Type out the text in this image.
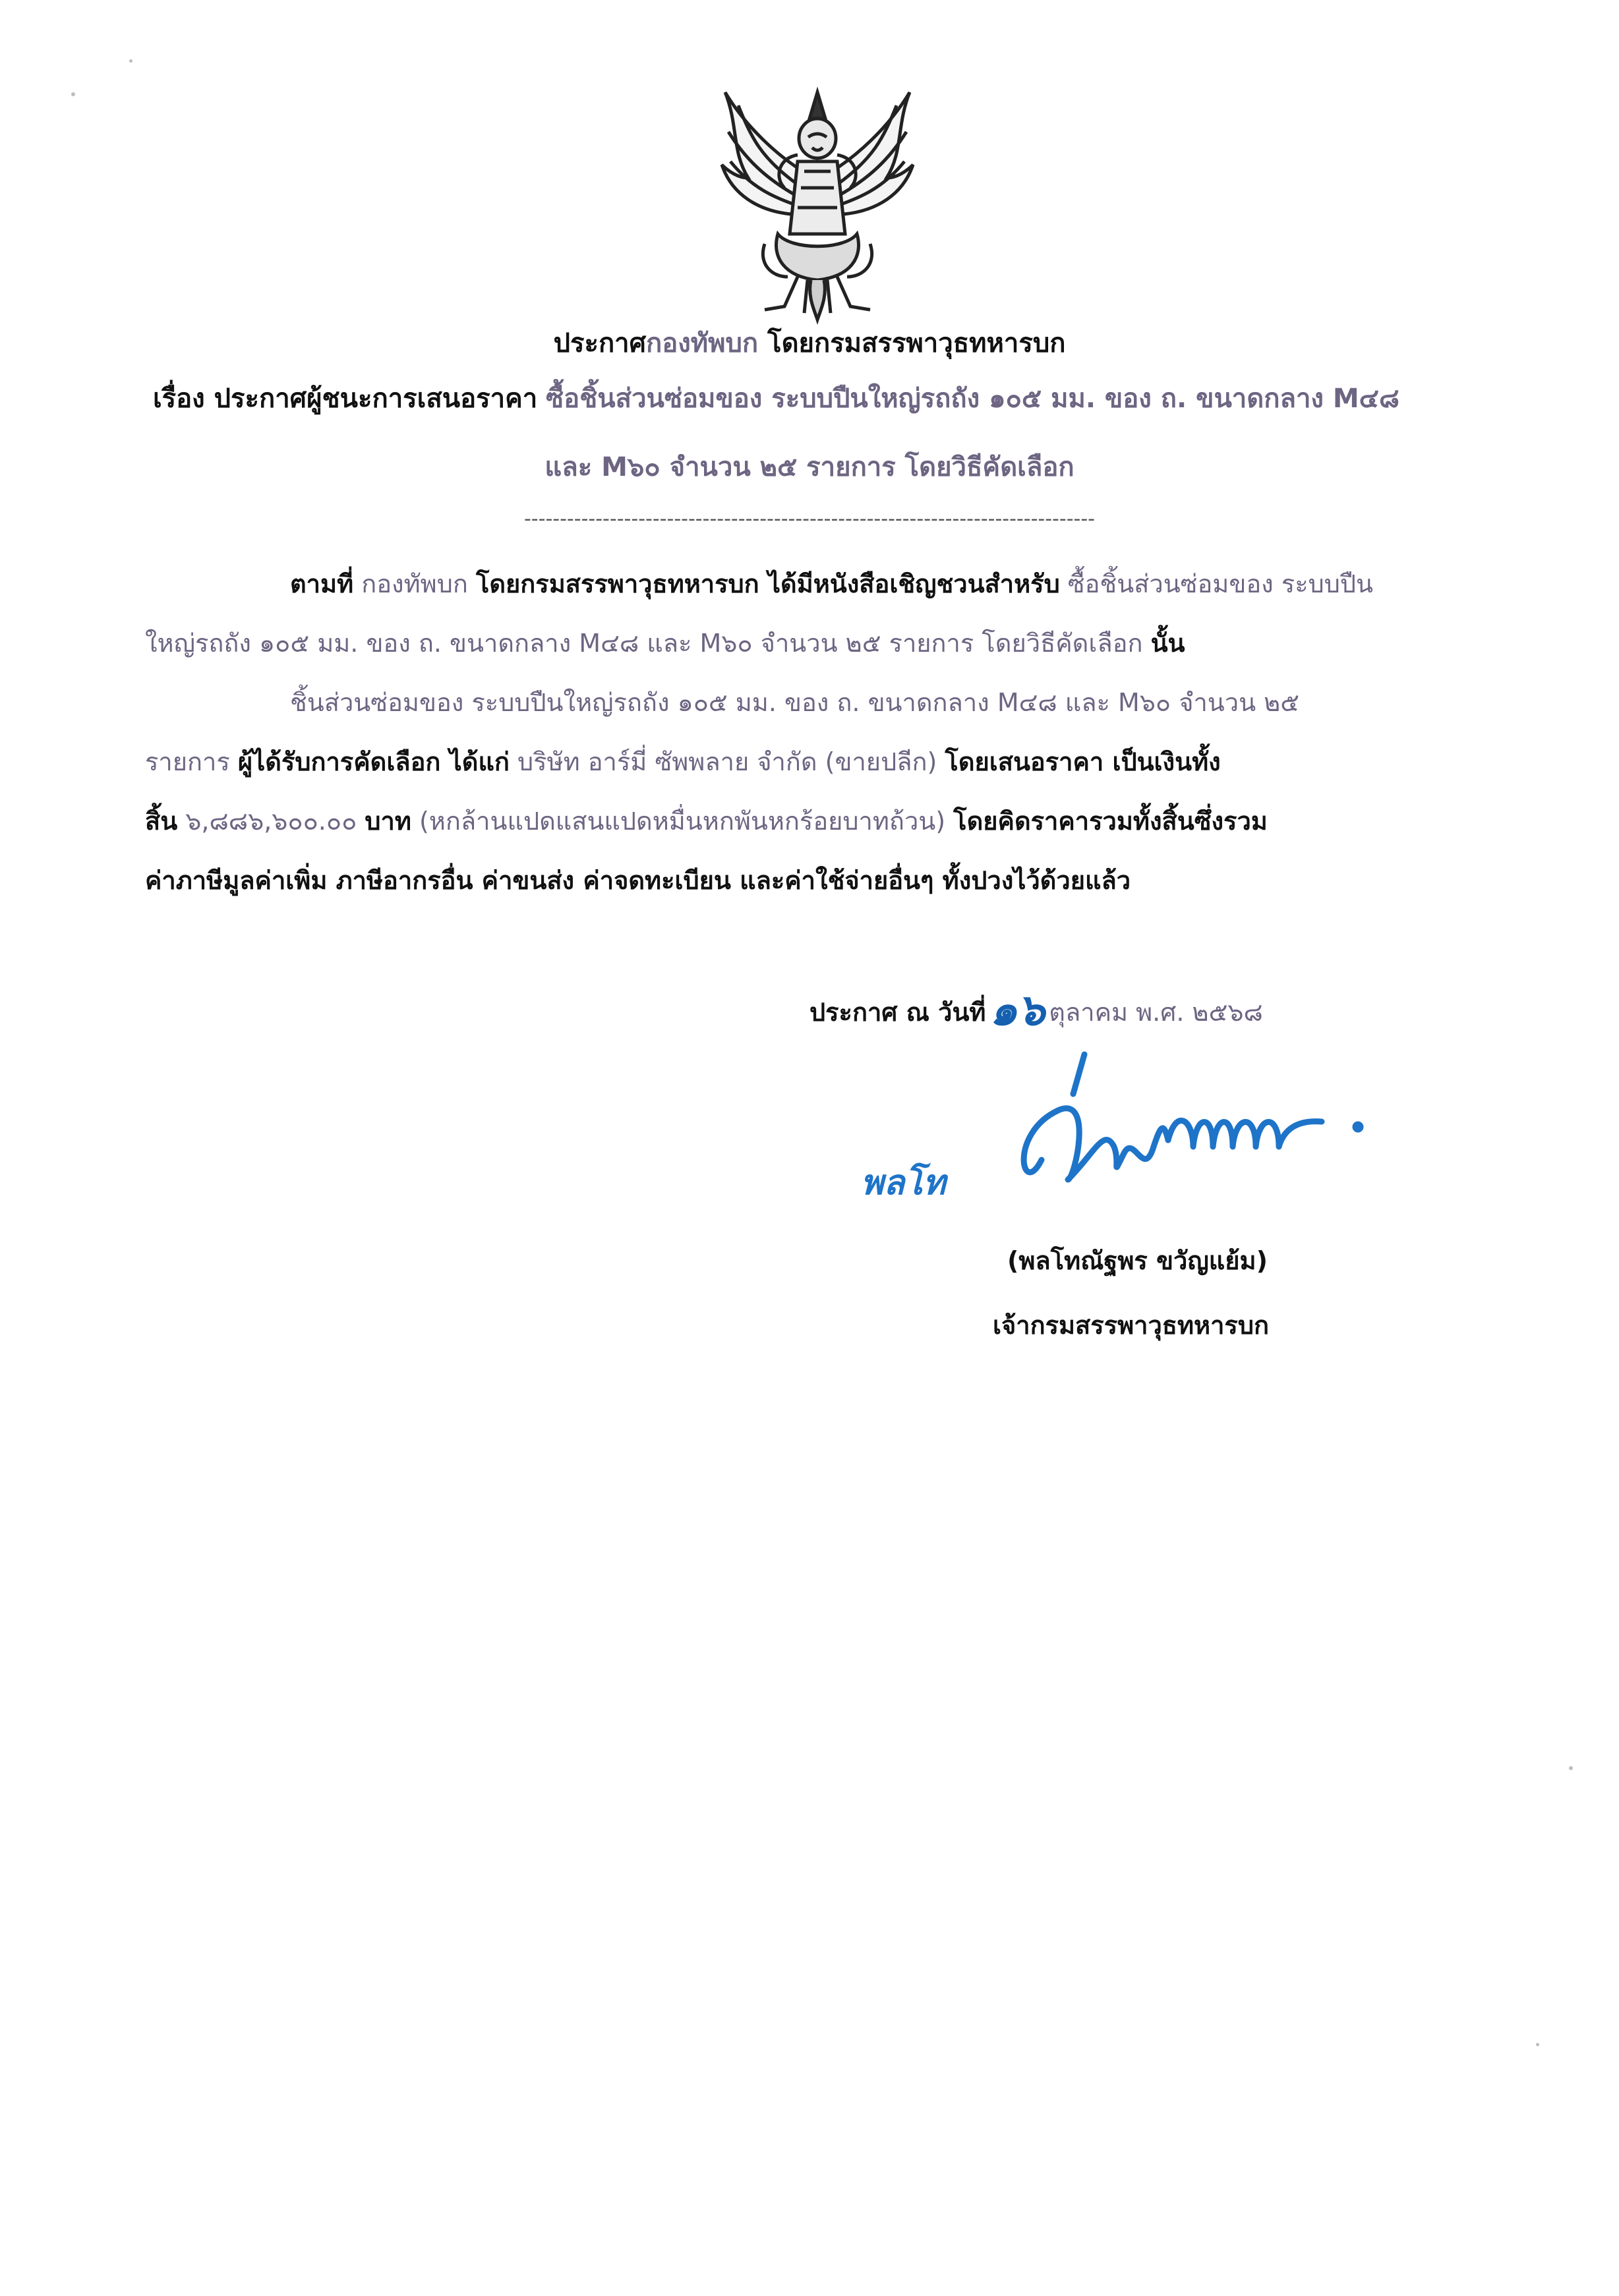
ประกาศกองทัพบก โดยกรมสรรพาวุธทหารบก
เรื่อง ประกาศผู้ชนะการเสนอราคา ซื้อชิ้นส่วนซ่อมของ ระบบปืนใหญ่รถถัง ๑๐๕ มม. ของ ถ. ขนาดกลาง M๔๘
และ M๖๐ จำนวน ๒๕ รายการ โดยวิธีคัดเลือก
--------------------------------------------------------------------------------
ตามที่ กองทัพบก โดยกรมสรรพาวุธทหารบก ได้มีหนังสือเชิญชวนสำหรับ ซื้อชิ้นส่วนซ่อมของ ระบบปืน
ใหญ่รถถัง ๑๐๕ มม. ของ ถ. ขนาดกลาง M๔๘ และ M๖๐ จำนวน ๒๕ รายการ โดยวิธีคัดเลือก นั้น
ชิ้นส่วนซ่อมของ ระบบปืนใหญ่รถถัง ๑๐๕ มม. ของ ถ. ขนาดกลาง M๔๘ และ M๖๐ จำนวน ๒๕
รายการ ผู้ได้รับการคัดเลือก ได้แก่ บริษัท อาร์มี่ ซัพพลาย จำกัด (ขายปลีก) โดยเสนอราคา เป็นเงินทั้ง
สิ้น ๖,๘๘๖,๖๐๐.๐๐ บาท (หกล้านแปดแสนแปดหมื่นหกพันหกร้อยบาทถ้วน) โดยคิดราคารวมทั้งสิ้นซึ่งรวม
ค่าภาษีมูลค่าเพิ่ม ภาษีอากรอื่น ค่าขนส่ง ค่าจดทะเบียน และค่าใช้จ่ายอื่นๆ ทั้งปวงไว้ด้วยแล้ว
ประกาศ ณ วันที่๑๖ ตุลาคม พ.ศ. ๒๕๖๘
พลโท
(พลโทณัฐพร ขวัญแย้ม)
เจ้ากรมสรรพาวุธทหารบก
